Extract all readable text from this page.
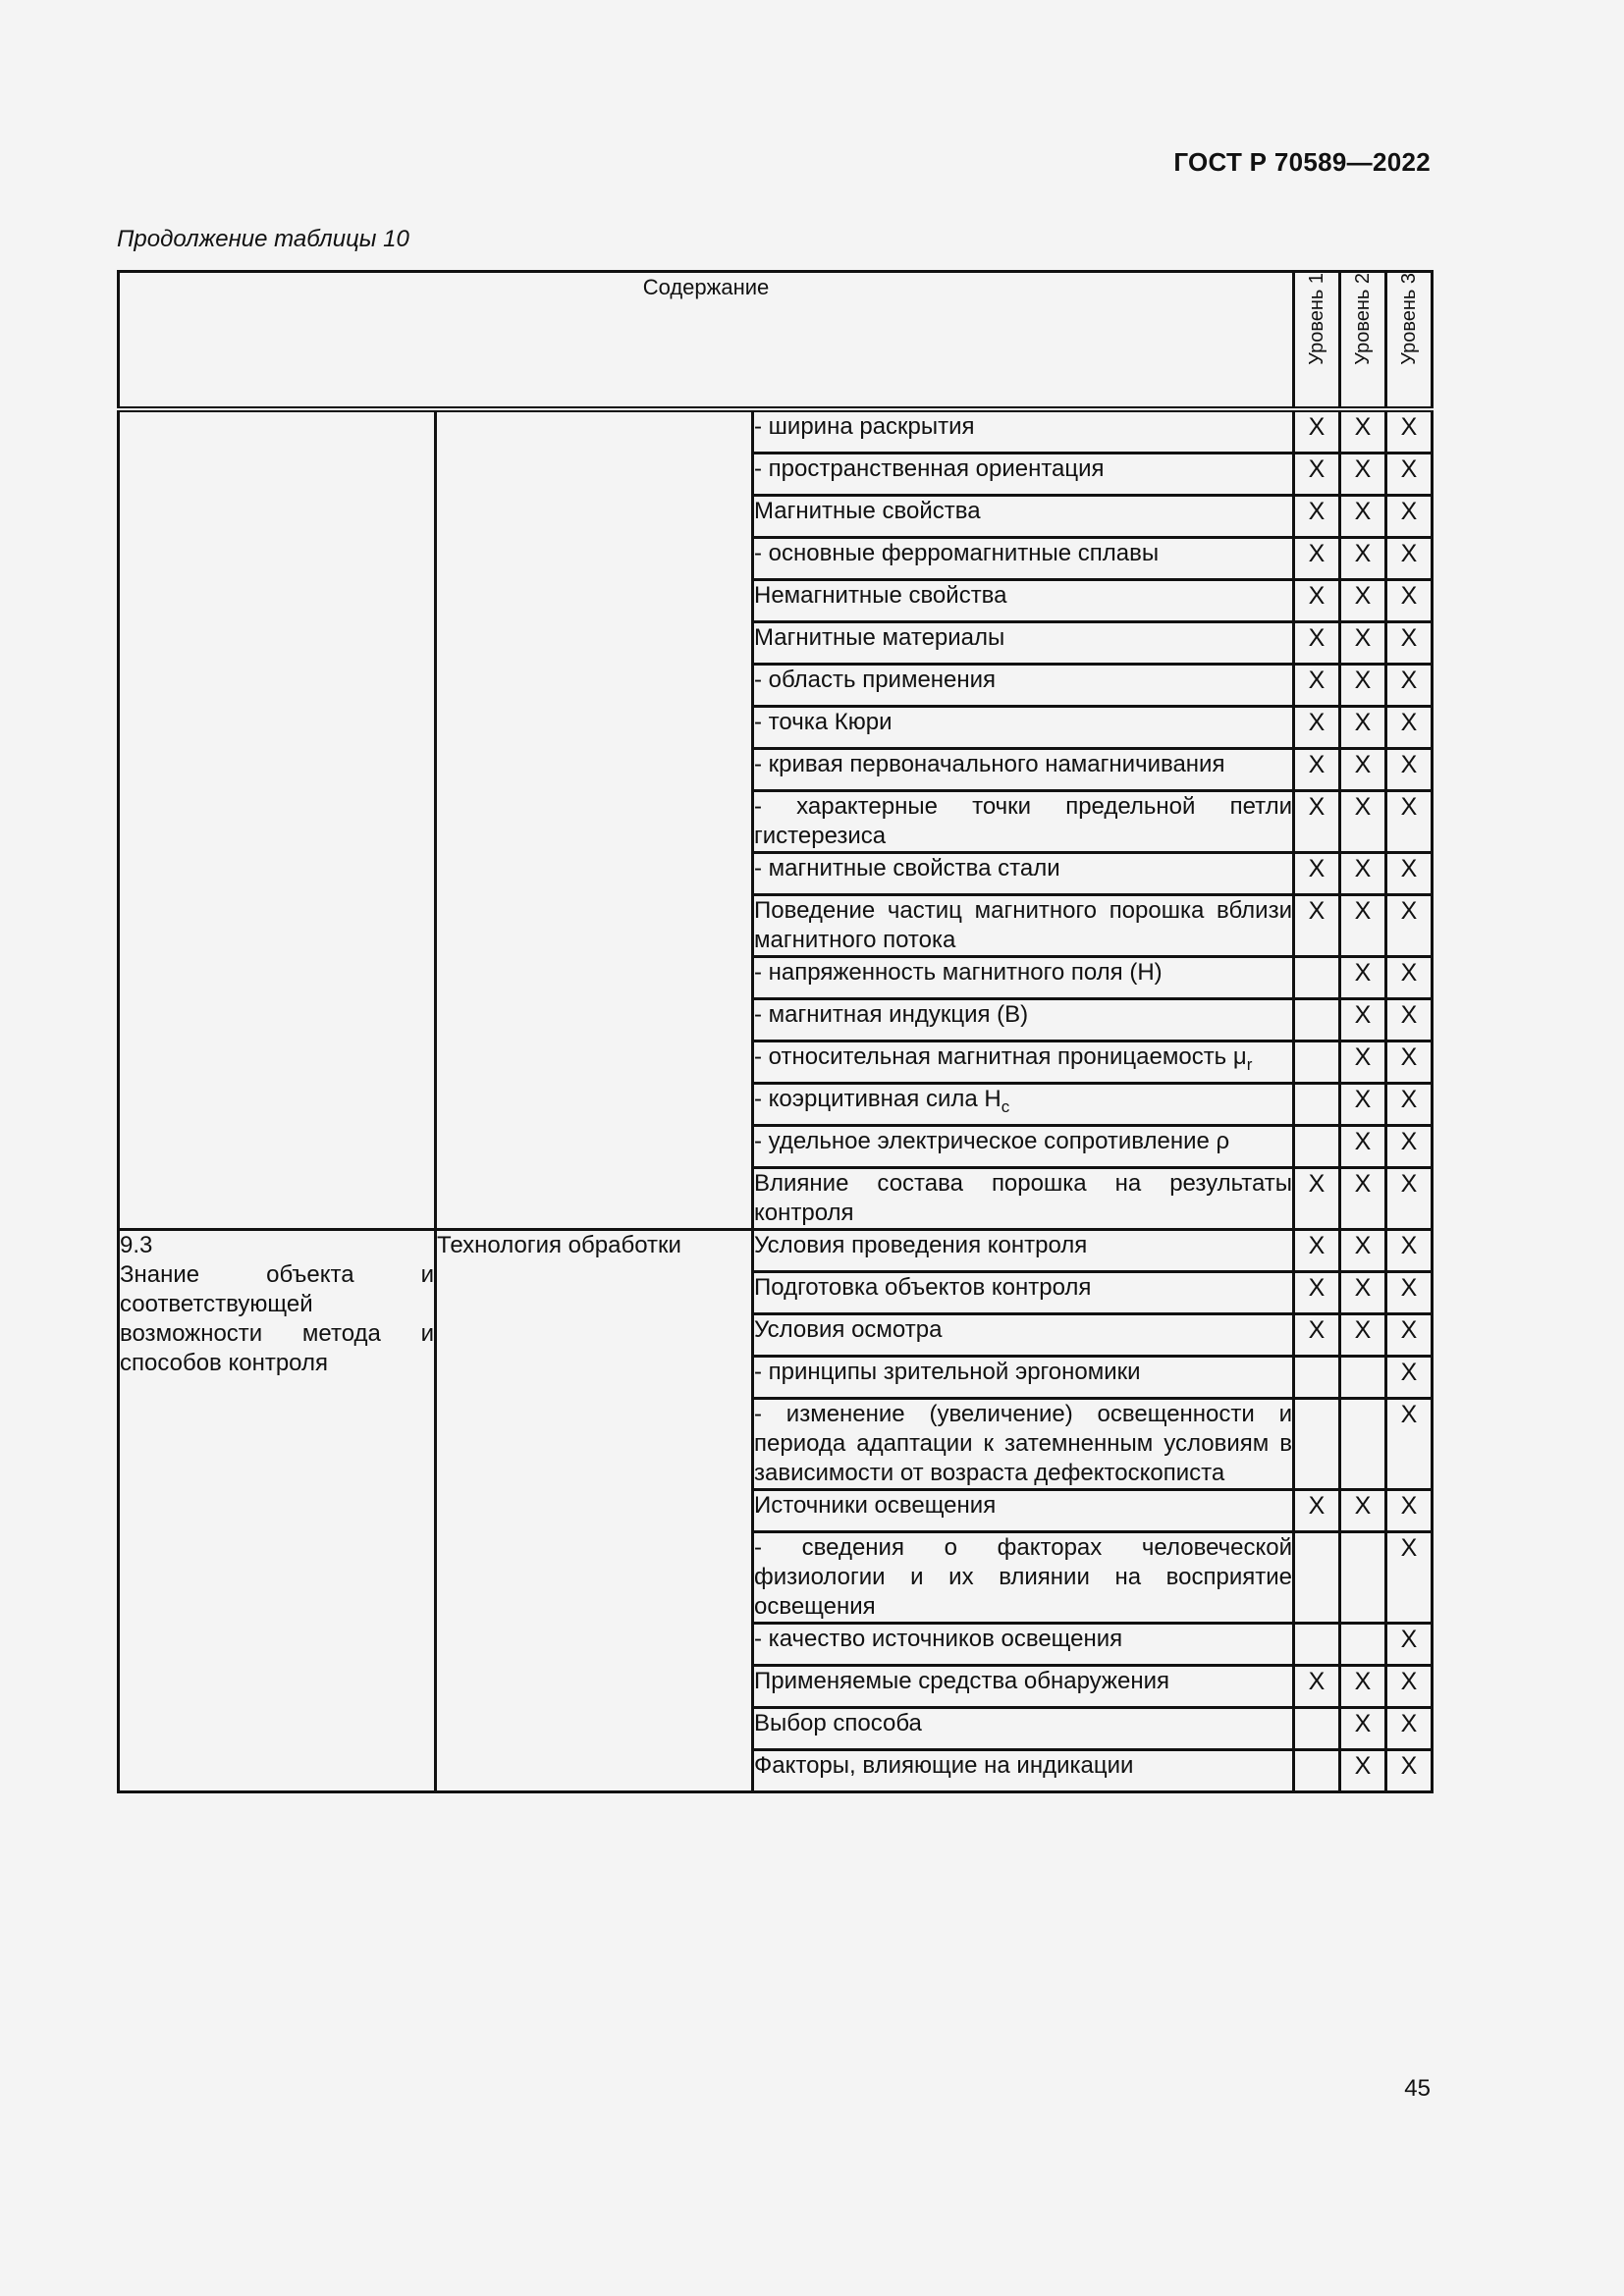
ГОСТ Р 70589—2022
Продолжение таблицы 10
Содержание			Уровень 1	Уровень 2	Уровень 3
		- ширина раскрытия	X	X	X
		- пространственная ориентация	X	X	X
		Магнитные свойства	X	X	X
		- основные ферромагнитные сплавы	X	X	X
		Немагнитные свойства	X	X	X
		Магнитные материалы	X	X	X
		- область применения	X	X	X
		- точка Кюри	X	X	X
		- кривая первоначального намагничивания	X	X	X
		- характерные точки предельной петли гистерезиса	X	X	X
		- магнитные свойства стали	X	X	X
		Поведение частиц магнитного порошка вблизи магнитного потока	X	X	X
		- напряженность магнитного поля (H)		X	X
		- магнитная индукция (B)		X	X
		- относительная магнитная проницаемость $\mu_r$		X	X
		- коэрцитивная сила $H_c$		X	X
		- удельное электрическое сопротивление ρ		X	X
		Влияние состава порошка на результаты контроля	X	X	X

9.3
Знание объекта и соответствующей возможности метода и способов контроля	Технология обработки	Условия проведения контроля	X	X	X
		Подготовка объектов контроля	X	X	X
		Условия осмотра	X	X	X
		- принципы зрительной эргономики			X
		- изменение (увеличение) освещенности и периода адаптации к затемненным условиям в зависимости от возраста дефектоскописта			X
		Источники освещения	X	X	X
		- сведения о факторах человеческой физиологии и их влиянии на восприятие освещения			X
		- качество источников освещения			X
		Применяемые средства обнаружения	X	X	X
		Выбор способа		X	X
		Факторы, влияющие на индикации		X	X
45
